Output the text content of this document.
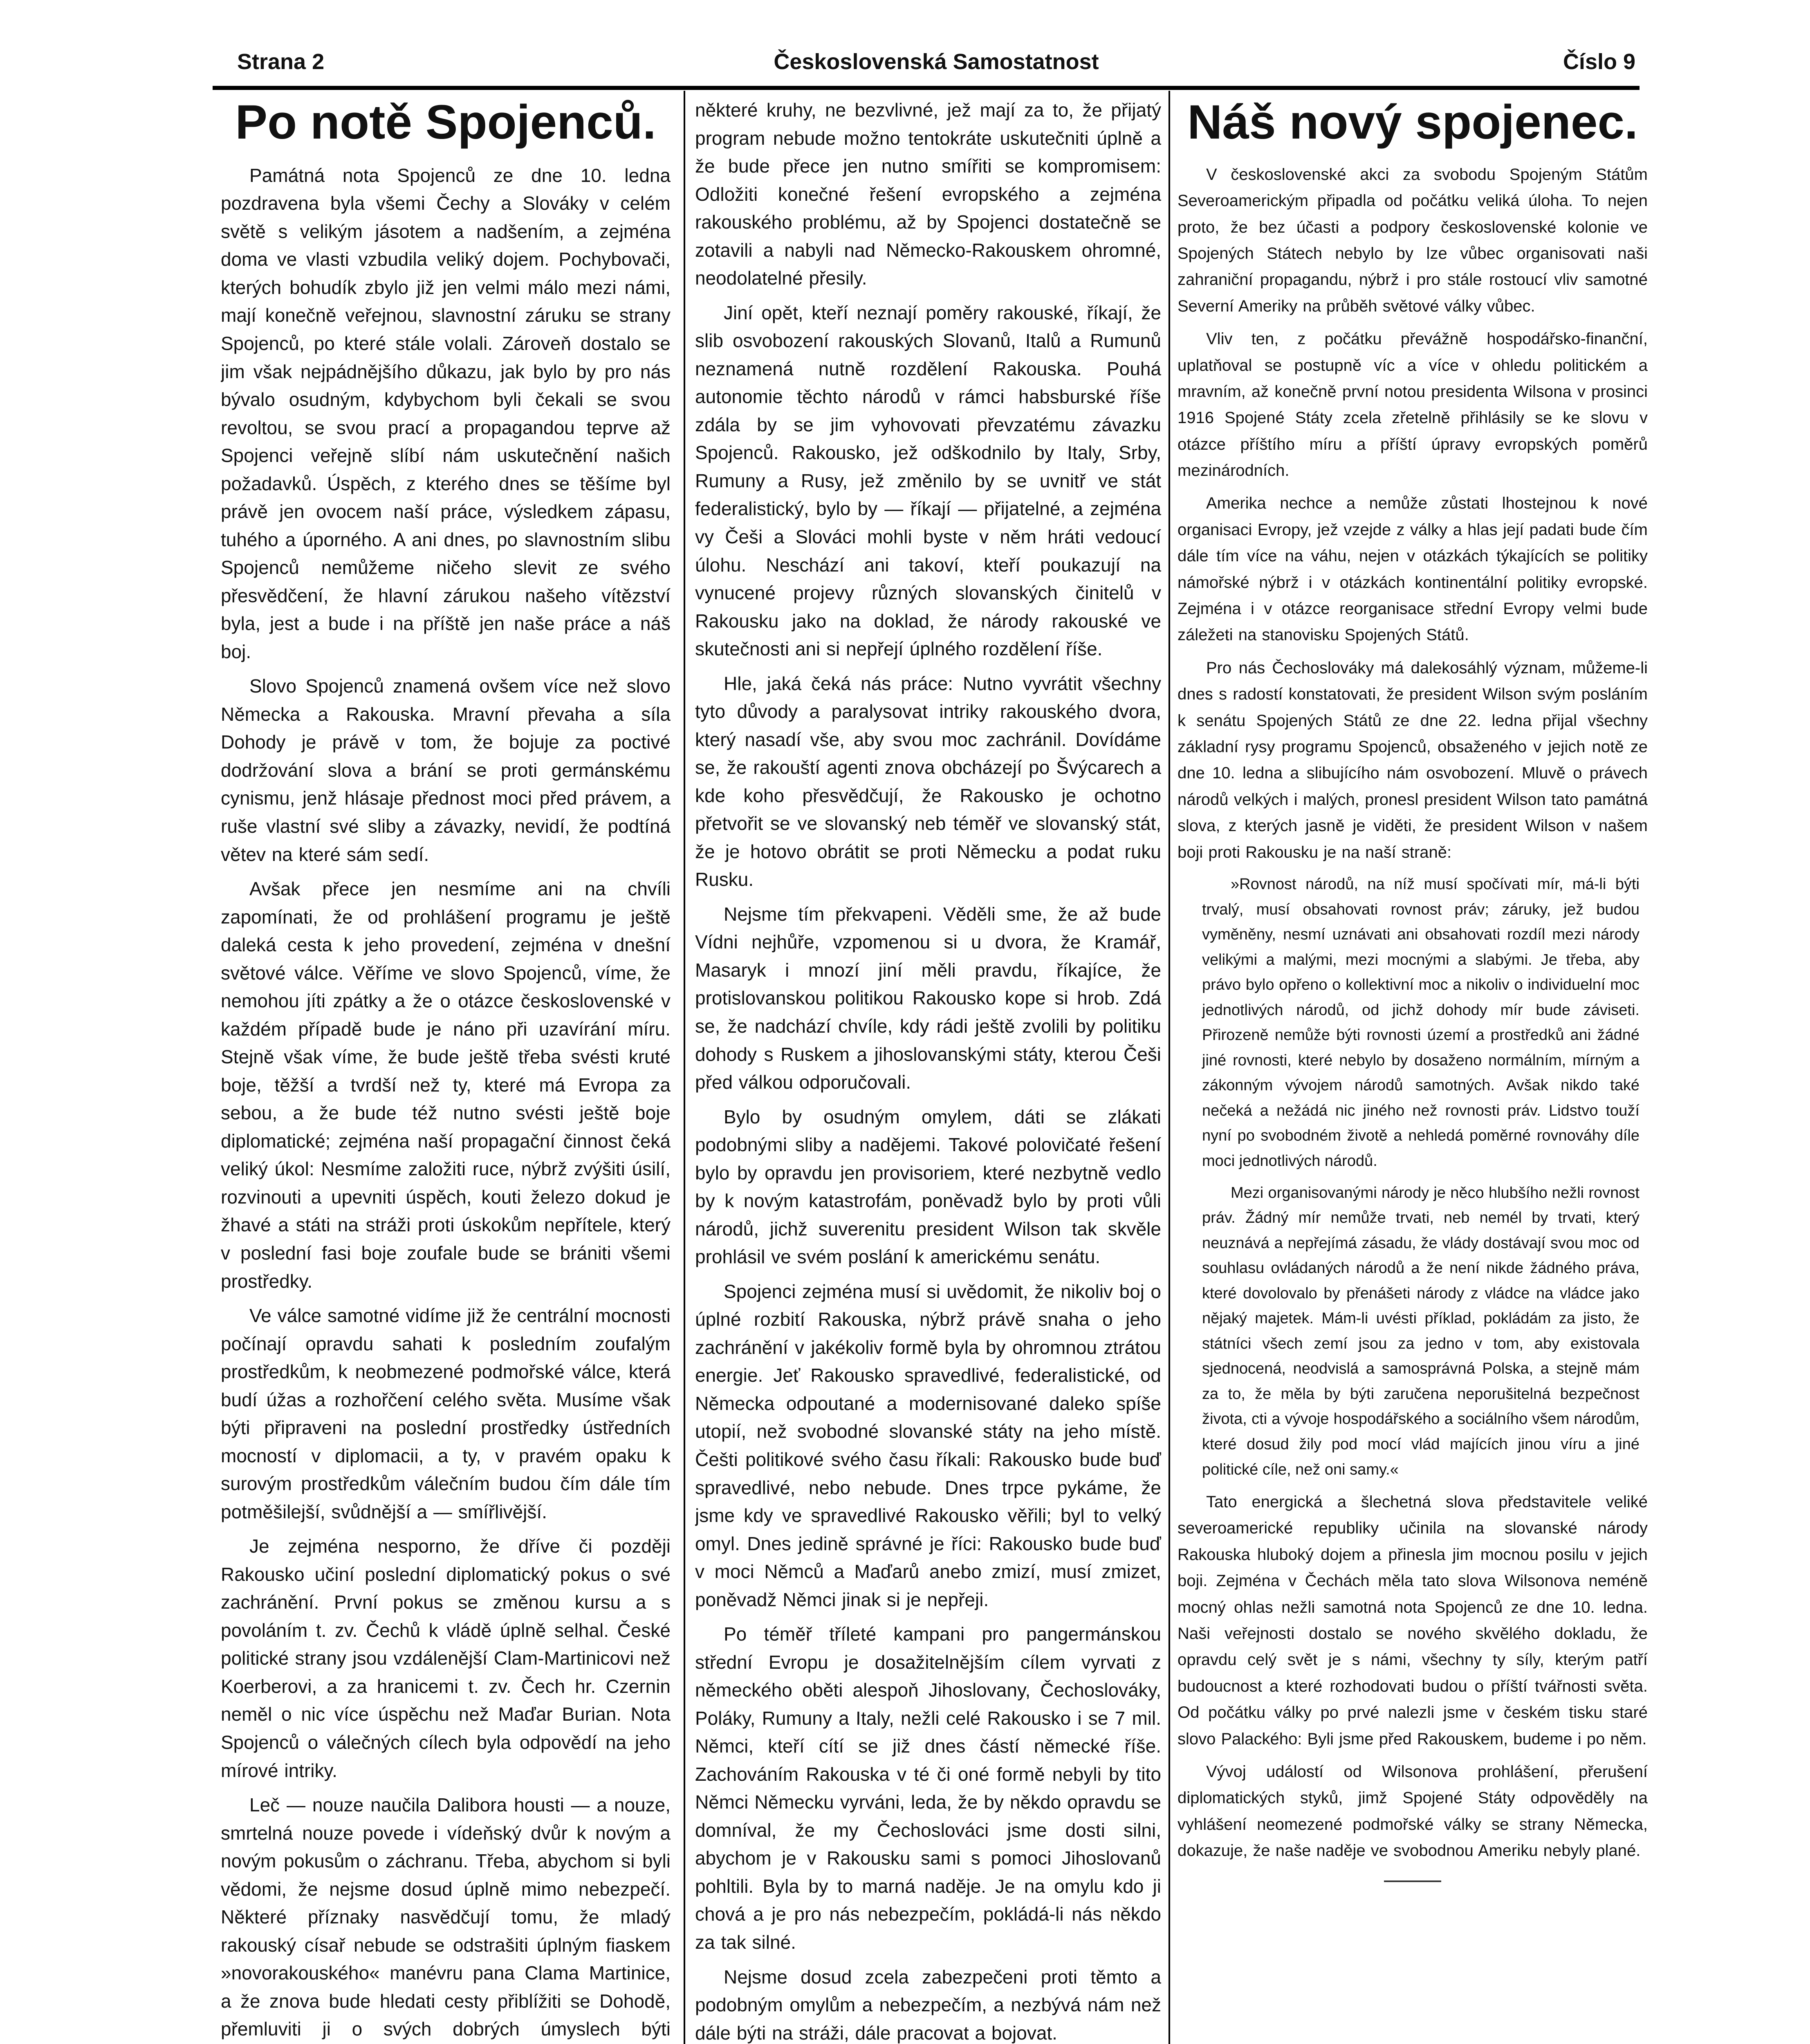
Strana 2	Československá Samostatnost	Číslo 9
Po notě Spojenců.

Památná nota Spojenců ze dne 10. ledna pozdravena byla všemi Čechy a Slováky v celém světě s velikým jásotem a nadšením, a zejména doma ve vlasti vzbudila veliký dojem. Pochybovači, kterých bohudík zbylo již jen velmi málo mezi námi, mají konečně veřejnou, slavnostní záruku se strany Spojenců, po které stále volali. Zároveň dostalo se jim však nejpádnějšího důkazu, jak bylo by pro nás bývalo osudným, kdybychom byli čekali se svou revoltou, se svou prací a propagandou teprve až Spojenci veřejně slíbí nám uskutečnění našich požadavků. Úspěch, z kterého dnes se těšíme byl právě jen ovocem naší práce, výsledkem zápasu, tuhého a úporného. A ani dnes, po slavnostním slibu Spojenců nemůžeme ničeho slevit ze svého přesvědčení, že hlavní zárukou našeho vítězství byla, jest a bude i na příště jen naše práce a náš boj.

Slovo Spojenců znamená ovšem více než slovo Německa a Rakouska. Mravní převaha a síla Dohody je právě v tom, že bojuje za poctivé dodržování slova a brání se proti germánskému cynismu, jenž hlásaje přednost moci před právem, a ruše vlastní své sliby a závazky, nevidí, že podtíná větev na které sám sedí.

Avšak přece jen nesmíme ani na chvíli zapomínati, že od prohlášení programu je ještě daleká cesta k jeho provedení, zejména v dnešní světové válce. Věříme ve slovo Spojenců, víme, že nemohou jíti zpátky a že o otázce československé v každém případě bude je náno při uzavírání míru. Stejně však víme, že bude ještě třeba svésti kruté boje, těžší a tvrdší než ty, které má Evropa za sebou, a že bude též nutno svésti ještě boje diplomatické; zejména naší propagační činnost čeká veliký úkol: Nesmíme založiti ruce, nýbrž zvýšiti úsilí, rozvinouti a upevniti úspěch, kouti železo dokud je žhavé a státi na stráži proti úskokům nepřítele, který v poslední fasi boje zoufale bude se brániti všemi prostředky.

Ve válce samotné vidíme již že centrální mocnosti počínají opravdu sahati k posledním zoufalým prostředkům, k neobmezené podmořské válce, která budí úžas a rozhořčení celého světa. Musíme však býti připraveni na poslední prostředky ústředních mocností v diplomacii, a ty, v pravém opaku k surovým prostředkům válečním budou čím dále tím potměšilejší, svůdnější a — smířlivější.

Je zejména nesporno, že dříve či později Rakousko učiní poslední diplomatický pokus o své zachránění. První pokus se změnou kursu a s povoláním t. zv. Čechů k vládě úplně selhal. České politické strany jsou vzdálenější Clam-Martinicovi než Koerberovi, a za hranicemi t. zv. Čech hr. Czernin neměl o nic více úspěchu než Maďar Burian. Nota Spojenců o válečných cílech byla odpovědí na jeho mírové intriky.

Leč — nouze naučila Dalibora housti — a nouze, smrtelná nouze povede i vídeňský dvůr k novým a novým pokusům o záchranu. Třeba, abychom si byli vědomi, že nejsme dosud úplně mimo nebezpečí. Některé příznaky nasvědčují tomu, že mladý rakouský císař nebude se odstrašiti úplným fiaskem »novorakouského« manévru pana Clama Martinice, a že znova bude hledati cesty přiblížiti se Dohodě, přemluviti ji o svých dobrých úmyslech býti

některé kruhy, ne bezvlivné, jež mají za to, že přijatý program nebude možno tentokráte uskutečniti úplně a že bude přece jen nutno smířiti se kompromisem: Odložiti konečné řešení evropského a zejména rakouského problému, až by Spojenci dostatečně se zotavili a nabyli nad Německo-Rakouskem ohromné, neodolatelné přesily.

Jiní opět, kteří neznají poměry rakouské, říkají, že slib osvobození rakouských Slovanů, Italů a Rumunů neznamená nutně rozdělení Rakouska. Pouhá autonomie těchto národů v rámci habsburské říše zdála by se jim vyhovovati převzatému závazku Spojenců. Rakousko, jež odškodnilo by Italy, Srby, Rumuny a Rusy, jež změnilo by se uvnitř ve stát federalistický, bylo by — říkají — přijatelné, a zejména vy Češi a Slováci mohli byste v něm hráti vedoucí úlohu. Neschází ani takoví, kteří poukazují na vynucené projevy různých slovanských činitelů v Rakousku jako na doklad, že národy rakouské ve skutečnosti ani si nepřejí úplného rozdělení říše.

Hle, jaká čeká nás práce: Nutno vyvrátit všechny tyto důvody a paralysovat intriky rakouského dvora, který nasadí vše, aby svou moc zachránil. Dovídáme se, že rakouští agenti znova obcházejí po Švýcarech a kde koho přesvědčují, že Rakousko je ochotno přetvořit se ve slovanský neb téměř ve slovanský stát, že je hotovo obrátit se proti Německu a podat ruku Rusku.

Nejsme tím překvapeni. Věděli sme, že až bude Vídni nejhůře, vzpomenou si u dvora, že Kramář, Masaryk i mnozí jiní měli pravdu, říkajíce, že protislovanskou politikou Rakousko kope si hrob. Zdá se, že nadchází chvíle, kdy rádi ještě zvolili by politiku dohody s Ruskem a jihoslovanskými státy, kterou Češi před válkou odporučovali.

Bylo by osudným omylem, dáti se zlákati podobnými sliby a nadějemi. Takové polovičaté řešení bylo by opravdu jen provisoriem, které nezbytně vedlo by k novým katastrofám, poněvadž bylo by proti vůli národů, jichž suverenitu president Wilson tak skvěle prohlásil ve svém poslání k americkému senátu.

Spojenci zejména musí si uvědomit, že nikoliv boj o úplné rozbití Rakouska, nýbrž právě snaha o jeho zachránění v jakékoliv formě byla by ohromnou ztrátou energie. Jeť Rakousko spravedlivé, federalistické, od Německa odpoutané a modernisované daleko spíše utopií, než svobodné slovanské státy na jeho místě. Češti politikové svého času říkali: Rakousko bude buď spravedlivé, nebo nebude. Dnes trpce pykáme, že jsme kdy ve spravedlivé Rakousko věřili; byl to velký omyl. Dnes jedině správné je říci: Rakousko bude buď v moci Němců a Maďarů anebo zmizí, musí zmizet, poněvadž Němci jinak si je nepřeji.

Po téměř tříleté kampani pro pangermánskou střední Evropu je dosažitelnějším cílem vyrvati z německého oběti alespoň Jihoslovany, Čechoslováky, Poláky, Rumuny a Italy, nežli celé Rakousko i se 7 mil. Němci, kteří cítí se již dnes částí německé říše. Zachováním Rakouska v té či oné formě nebyli by tito Němci Německu vyrváni, leda, že by někdo opravdu se domníval, že my Čechoslováci jsme dosti silni, abychom je v Rakousku sami s pomoci Jihoslovanů pohltili. Byla by to marná naděje. Je na omylu kdo ji chová a je pro nás nebezpečím, pokládá-li nás někdo za tak silné.

Nejsme dosud zcela zabezpečeni proti těmto a podobným omylům a nebezpečím, a nezbývá nám než dále býti na stráži, dále pracovat a bojovat.

Náš nový spojenec.

V československé akci za svobodu Spojeným Státům Severoamerickým připadla od počátku veliká úloha. To nejen proto, že bez účasti a podpory československé kolonie ve Spojených Státech nebylo by lze vůbec organisovati naši zahraniční propagandu, nýbrž i pro stále rostoucí vliv samotné Severní Ameriky na průběh světové války vůbec.

Vliv ten, z počátku převážně hospodářsko-finanční, uplatňoval se postupně víc a více v ohledu politickém a mravním, až konečně první notou presidenta Wilsona v prosinci 1916 Spojené Státy zcela zřetelně přihlásily se ke slovu v otázce příštího míru a příští úpravy evropských poměrů mezinárodních.

Amerika nechce a nemůže zůstati lhostejnou k nové organisaci Evropy, jež vzejde z války a hlas její padati bude čím dále tím více na váhu, nejen v otázkách týkajících se politiky námořské nýbrž i v otázkách kontinentální politiky evropské. Zejména i v otázce reorganisace střední Evropy velmi bude záležeti na stanovisku Spojených Států.

Pro nás Čechoslováky má dalekosáhlý význam, můžeme-li dnes s radostí konstatovati, že president Wilson svým posláním k senátu Spojených Států ze dne 22. ledna přijal všechny základní rysy programu Spojenců, obsaženého v jejich notě ze dne 10. ledna a slibujícího nám osvobození. Mluvě o právech národů velkých i malých, pronesl president Wilson tato památná slova, z kterých jasně je viděti, že president Wilson v našem boji proti Rakousku je na naší straně:

»Rovnost národů, na níž musí spočívati mír, má-li býti trvalý, musí obsahovati rovnost práv; záruky, jež budou vyměněny, nesmí uznávati ani obsahovati rozdíl mezi národy velikými a malými, mezi mocnými a slabými. Je třeba, aby právo bylo opřeno o kollektivní moc a nikoliv o individuelní moc jednotlivých národů, od jichž dohody mír bude záviseti. Přirozeně nemůže býti rovnosti území a prostředků ani žádné jiné rovnosti, které nebylo by dosaženo normálním, mírným a zákonným vývojem národů samotných. Avšak nikdo také nečeká a nežádá nic jiného než rovnosti práv. Lidstvo touží nyní po svobodném životě a nehledá poměrné rovnováhy díle moci jednotlivých národů.

Mezi organisovanými národy je něco hlubšího nežli rovnost práv. Žádný mír nemůže trvati, neb nemél by trvati, který neuznává a nepřejímá zásadu, že vlády dostávají svou moc od souhlasu ovládaných národů a že není nikde žádného práva, které dovolovalo by přenášeti národy z vládce na vládce jako nějaký majetek. Mám-li uvésti příklad, pokládám za jisto, že státníci všech zemí jsou za jedno v tom, aby existovala sjednocená, neodvislá a samosprávná Polska, a stejně mám za to, že měla by býti zaručena neporušitelná bezpečnost života, cti a vývoje hospodářského a sociálního všem národům, které dosud žily pod mocí vlád majících jinou víru a jiné politické cíle, než oni samy.«

Tato energická a šlechetná slova představitele veliké severoamerické republiky učinila na slovanské národy Rakouska hluboký dojem a přinesla jim mocnou posilu v jejich boji. Zejména v Čechách měla tato slova Wilsonova neméně mocný ohlas nežli samotná nota Spojenců ze dne 10. ledna. Naši veřejnosti dostalo se nového skvělého dokladu, že opravdu celý svět je s námi, všechny ty síly, kterým patří budoucnost a které rozhodovati budou o příští tvářnosti světa. Od počátku války po prvé nalezli jsme v českém tisku staré slovo Palackého: Byli jsme před Rakouskem, budeme i po něm.

Vývoj událostí od Wilsonova prohlášení, přerušení diplomatických styků, jimž Spojené Státy odpověděly na vyhlášení neomezené podmořské války se strany Německa, dokazuje, že naše naděje ve svobodnou Ameriku nebyly plané.
